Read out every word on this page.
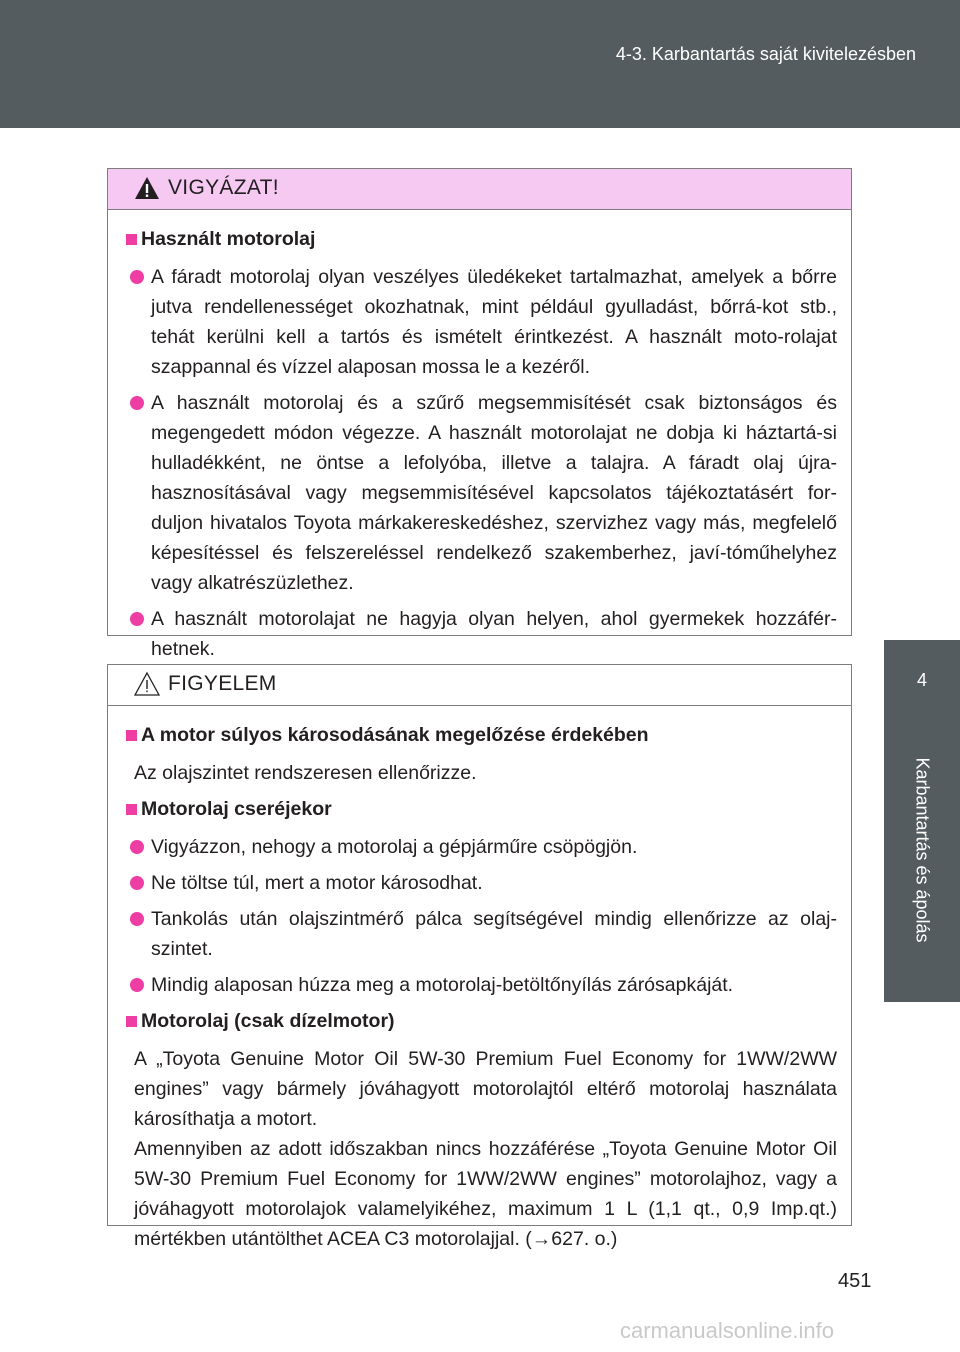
4-3. Karbantartás saját kivitelezésben
4
Karbantartás és ápolás
VIGYÁZAT!
Használt motorolaj
A fáradt motorolaj olyan veszélyes üledékeket tartalmazhat, amelyek a bőrre jutva rendellenességet okozhatnak, mint például gyulladást, bőrrá-kot stb., tehát kerülni kell a tartós és ismételt érintkezést. A használt moto-rolajat szappannal és vízzel alaposan mossa le a kezéről.
A használt motorolaj és a szűrő megsemmisítését csak biztonságos és megengedett módon végezze. A használt motorolajat ne dobja ki háztartá-si hulladékként, ne öntse a lefolyóba, illetve a talajra. A fáradt olaj újra-hasznosításával vagy megsemmisítésével kapcsolatos tájékoztatásért for-duljon hivatalos Toyota márkakereskedéshez, szervizhez vagy más, megfelelő képesítéssel és felszereléssel rendelkező szakemberhez, javí-tóműhelyhez vagy alkatrészüzlethez.
A használt motorolajat ne hagyja olyan helyen, ahol gyermekek hozzáfér-hetnek.
FIGYELEM
A motor súlyos károsodásának megelőzése érdekében
Az olajszintet rendszeresen ellenőrizze.
Motorolaj cseréjekor
Vigyázzon, nehogy a motorolaj a gépjárműre csöpögjön.
Ne töltse túl, mert a motor károsodhat.
Tankolás után olajszintmérő pálca segítségével mindig ellenőrizze az olaj-szintet.
Mindig alaposan húzza meg a motorolaj-betöltőnyílás zárósapkáját.
Motorolaj (csak dízelmotor)
A „Toyota Genuine Motor Oil 5W-30 Premium Fuel Economy for 1WW/2WW engines” vagy bármely jóváhagyott motorolajtól eltérő motorolaj használata károsíthatja a motort.
Amennyiben az adott időszakban nincs hozzáférése „Toyota Genuine Motor Oil 5W-30 Premium Fuel Economy for 1WW/2WW engines” motorolajhoz, vagy a jóváhagyott motorolajok valamelyikéhez, maximum 1 L (1,1 qt., 0,9 Imp.qt.) mértékben utántölthet ACEA C3 motorolajjal. (→627. o.)
451
carmanualsonline.info
